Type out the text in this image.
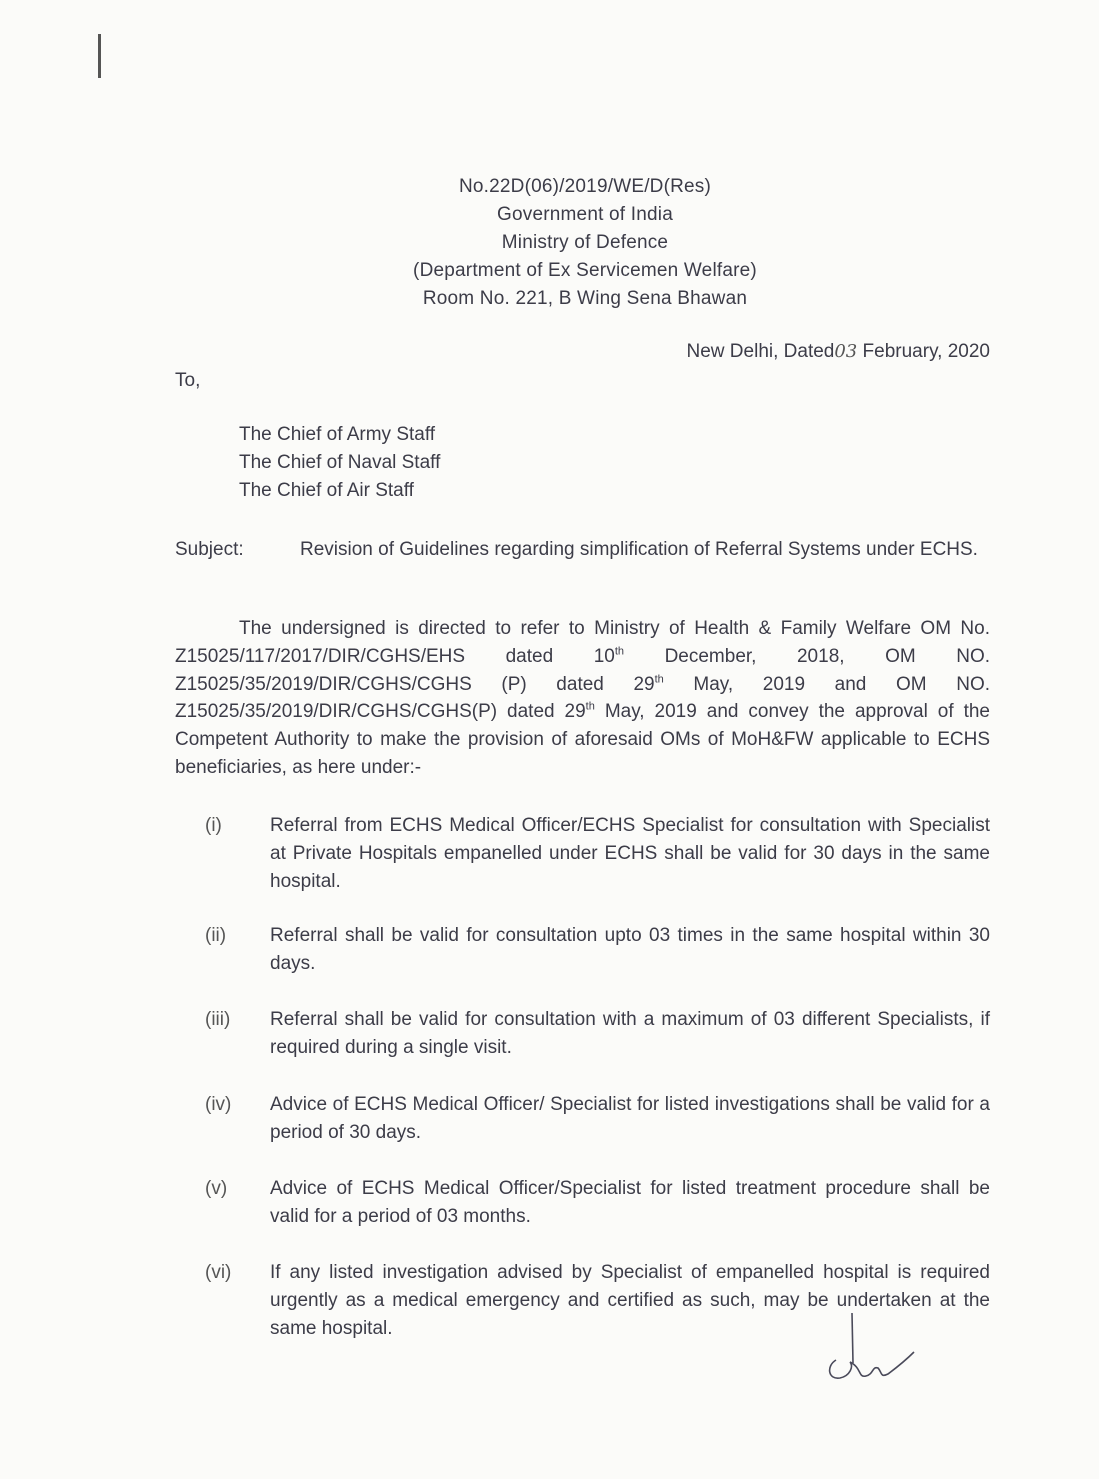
No.22D(06)/2019/WE/D(Res)
Government of India
Ministry of Defence
(Department of Ex Servicemen Welfare)
Room No. 221, B Wing Sena Bhawan
New Delhi, Dated03 February, 2020
To,
The Chief of Army Staff
The Chief of Naval Staff
The Chief of Air Staff
Subject:	Revision of Guidelines regarding simplification of Referral Systems under ECHS.
The undersigned is directed to refer to Ministry of Health & Family Welfare OM No. Z15025/117/2017/DIR/CGHS/EHS dated 10th December, 2018, OM NO. Z15025/35/2019/DIR/CGHS/CGHS (P) dated 29th May, 2019 and OM NO. Z15025/35/2019/DIR/CGHS/CGHS(P) dated 29th May, 2019 and convey the approval of the Competent Authority to make the provision of aforesaid OMs of MoH&FW applicable to ECHS beneficiaries, as here under:-
(i)	Referral from ECHS Medical Officer/ECHS Specialist for consultation with Specialist at Private Hospitals empanelled under ECHS shall be valid for 30 days in the same hospital.
(ii) Referral shall be valid for consultation upto 03 times in the same hospital within 30 days.
(iii) Referral shall be valid for consultation with a maximum of 03 different Specialists, if required during a single visit.
(iv) Advice of ECHS Medical Officer/ Specialist for listed investigations shall be valid for a period of 30 days.
(v) Advice of ECHS Medical Officer/Specialist for listed treatment procedure shall be valid for a period of 03 months.
(vi) If any listed investigation advised by Specialist of empanelled hospital is required urgently as a medical emergency and certified as such, may be undertaken at the same hospital.
